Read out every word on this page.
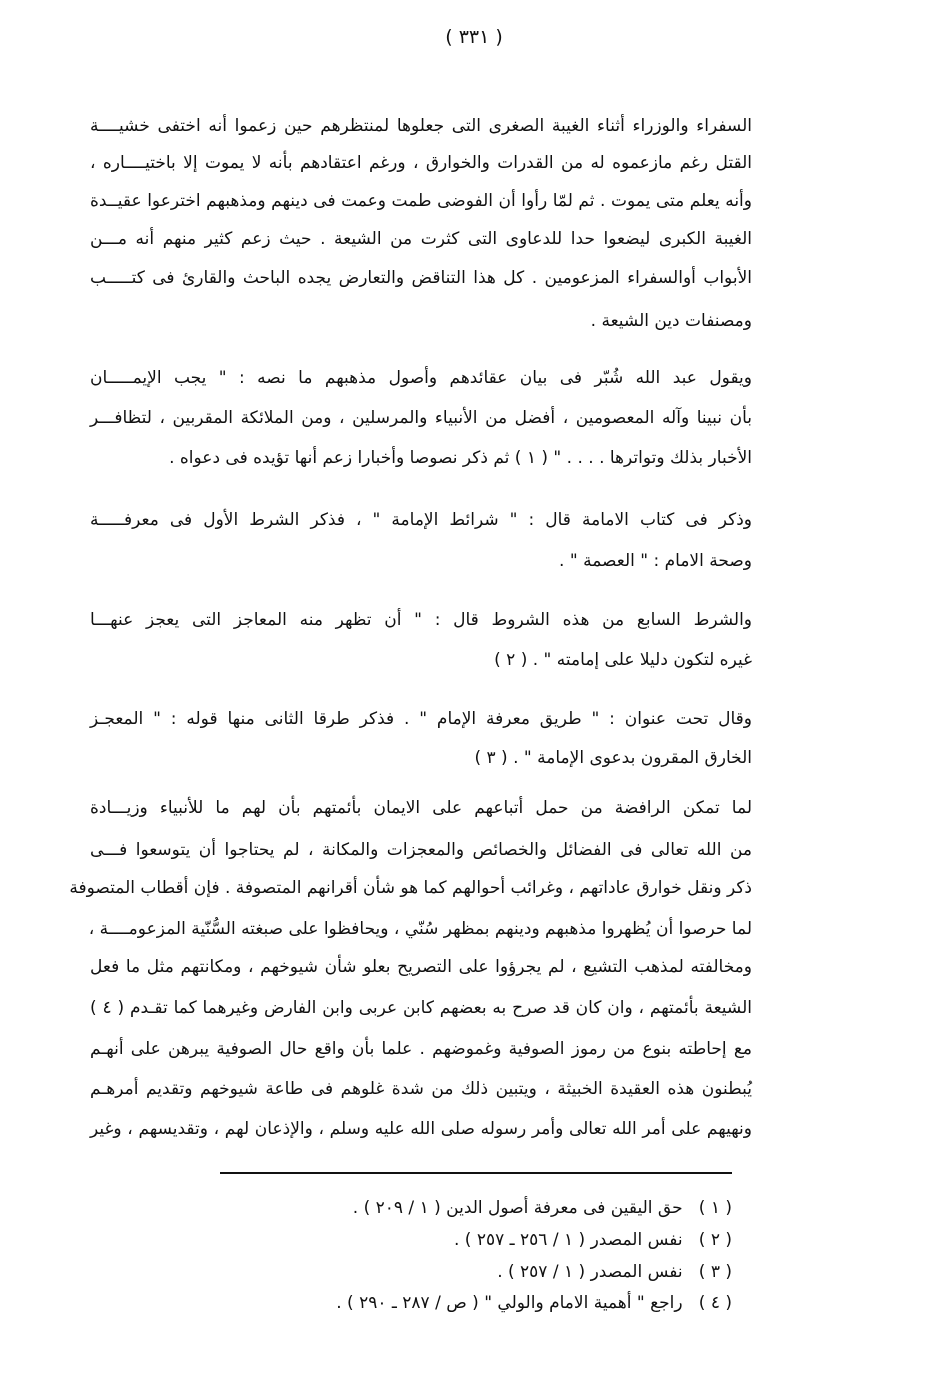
( ٣٣١ )
السفراء والوزراء أثناء الغيبة الصغرى التى جعلوها لمنتظرهم حين زعموا أنه اختفى خشيــــة
القتل رغم مازعموه له من القدرات والخوارق ، ورغم اعتقادهم بأنه لا يموت إلا باختيــــاره ،
وأنه يعلم متى يموت . ثم لمّا رأوا أن الفوضى طمت وعمت فى دينهم ومذهبهم اخترعوا عقيــدة
الغيبة الكبرى ليضعوا حدا للدعاوى التى كثرت من الشيعة . حيث زعم كثير منهم أنه مـــن
الأبواب أوالسفراء المزعومين . كل هذا التناقض والتعارض يجده الباحث والقارئ فى كتـــــب
ومصنفات دين الشيعة .
ويقول عبد الله شُبّر فى بيان عقائدهم وأصول مذهبهم ما نصه : " يجب الإيمـــــان
بأن نبينا وآله المعصومين ، أفضل من الأنبياء والمرسلين ، ومن الملائكة المقربين ، لتظافـــر
الأخبار بذلك وتواترها . . . . " ( ١ ) ثم ذكر نصوصا وأخبارا زعم أنها تؤيده فى دعواه .
وذكر فى كتاب الامامة قال : " شرائط الإمامة " ، فذكر الشرط الأول فى معرفـــــة
وصحة الامام : " العصمة " .
والشرط السابع من هذه الشروط قال : " أن تظهر منه المعاجز التى يعجز عنهـــا
غيره لتكون دليلا على إمامته " . ( ٢ )
وقال تحت عنوان : " طريق معرفة الإمام " . فذكر طرقا الثانى منها قوله : " المعجـز
الخارق المقرون بدعوى الإمامة " . ( ٣ )
لما تمكن الرافضة من حمل أتباعهم على الايمان بأئمتهم بأن لهم ما للأنبياء وزيـــادة
من الله تعالى فى الفضائل والخصائص والمعجزات والمكانة ، لم يحتاجوا أن يتوسعوا فـــى
ذكر ونقل خوارق عاداتهم ، وغرائب أحوالهم كما هو شأن أقرانهم المتصوفة . فإن أقطاب المتصوفة
لما حرصوا أن يُظهروا مذهبهم ودينهم بمظهر سُنّي ، ويحافظوا على صبغته السُّنّية المزعومــــة ،
ومخالفته لمذهب التشيع ، لم يجرؤوا على التصريح بعلو شأن شيوخهم ، ومكانتهم مثل ما فعل
الشيعة بأئمتهم ، وان كان قد صرح به بعضهم كابن عربى وابن الفارض وغيرهما كما تقـدم ( ٤ )
مع إحاطته بنوع من رموز الصوفية وغموضهم . علما بأن واقع حال الصوفية يبرهن على أنهـم
يُبطنون هذه العقيدة الخبيثة ، ويتبين ذلك من شدة غلوهم فى طاعة شيوخهم وتقديم أمرهـم
ونهيهم على أمر الله تعالى وأمر رسوله صلى الله عليه وسلم ، والإذعان لهم ، وتقديسهم ، وغير
( ١ ) حق اليقين فى معرفة أصول الدين ( ١ / ٢٠٩ ) .
( ٢ ) نفس المصدر ( ١ / ٢٥٦ ـ ٢٥٧ ) .
( ٣ ) نفس المصدر ( ١ / ٢٥٧ ) .
( ٤ ) راجع " أهمية الامام والولي " ( ص / ٢٨٧ ـ ٢٩٠ ) .
